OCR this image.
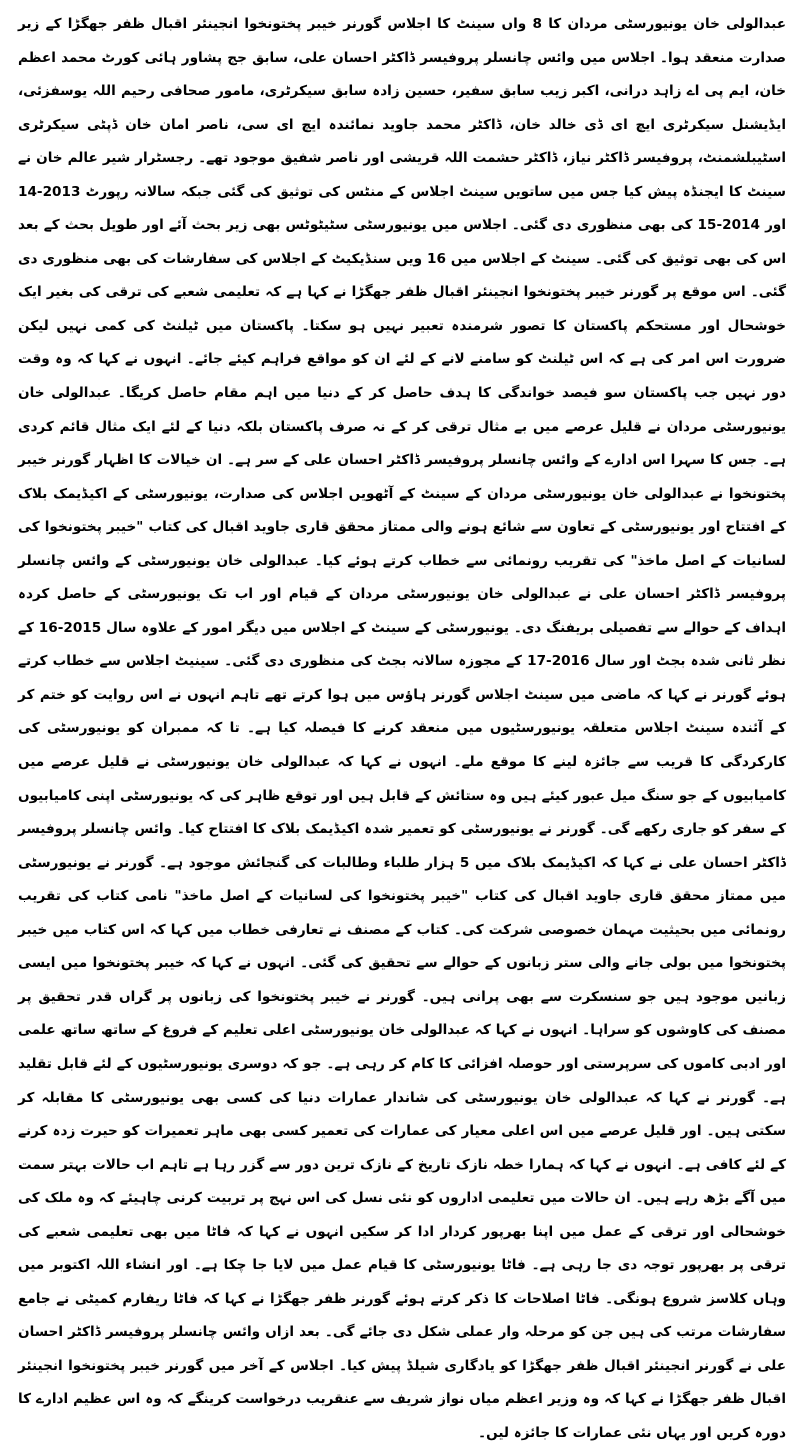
عبدالولی خان یونیورسٹی مردان کا 8 واں سینٹ کا اجلاس گورنر خیبر پختونخوا انجینئر اقبال ظفر جھگڑا کے زیر صدارت منعقد ہوا۔ اجلاس میں وائس چانسلر پروفیسر ڈاکٹر احسان علی، سابق جج پشاور ہائی کورٹ محمد اعظم خان، ایم پی اے زاہد درانی، اکبر زیب سابق سفیر، حسین زادہ سابق سیکرٹری، مامور صحافی رحیم اللہ یوسفزئی، ایڈیشنل سیکرٹری ایچ ای ڈی خالد خان، ڈاکٹر محمد جاوید نمائندہ ایچ ای سی، ناصر امان خان ڈپٹی سیکرٹری اسٹیبلشمنٹ، پروفیسر ڈاکٹر نیاز، ڈاکٹر حشمت اللہ قریشی اور ناصر شفیق موجود تھے۔ رجسٹرار شیر عالم خان نے سینٹ کا ایجنڈہ پیش کیا جس میں ساتویں سینٹ اجلاس کے منٹس کی توثیق کی گئی جبکہ سالانہ رپورٹ 2013-14 اور 2014-15 کی بھی منظوری دی گئی۔ اجلاس میں یونیورسٹی سٹیٹوٹس بھی زیر بحث آئے اور طویل بحث کے بعد اس کی بھی توثیق کی گئی۔ سینٹ کے اجلاس میں 16 ویں سنڈیکیٹ کے اجلاس کی سفارشات کی بھی منظوری دی گئی۔ اس موقع پر گورنر خیبر پختونخوا انجینئر اقبال ظفر جھگڑا نے کہا ہے کہ تعلیمی شعبے کی ترقی کی بغیر ایک خوشحال اور مستحکم پاکستان کا تصور شرمندہ تعبیر نہیں ہو سکتا۔ پاکستان میں ٹیلنٹ کی کمی نہیں لیکن ضرورت اس امر کی ہے کہ اس ٹیلنٹ کو سامنے لانے کے لئے ان کو مواقع فراہم کیئے جائے۔ انہوں نے کہا کہ وہ وقت دور نہیں جب پاکستان سو فیصد خواندگی کا ہدف حاصل کر کے دنیا میں اہم مقام حاصل کریگا۔ عبدالولی خان یونیورسٹی مردان نے قلیل عرصے میں بے مثال ترقی کر کے نہ صرف پاکستان بلکہ دنیا کے لئے ایک مثال قائم کردی ہے۔ جس کا سہرا اس ادارے کے وائس چانسلر پروفیسر ڈاکٹر احسان علی کے سر ہے۔ ان خیالات کا اظہار گورنر خیبر پختونخوا نے عبدالولی خان یونیورسٹی مردان کے سینٹ کے آٹھویں اجلاس کی صدارت، یونیورسٹی کے اکیڈیمک بلاک کے افتتاح اور یونیورسٹی کے تعاون سے شائع ہونے والی ممتاز محقق قاری جاوید اقبال کی کتاب "خیبر پختونخوا کی لسانیات کے اصل ماخذ" کی تقریب رونمائی سے خطاب کرتے ہوئے کیا۔ عبدالولی خان یونیورسٹی کے وائس چانسلر پروفیسر ڈاکٹر احسان علی نے عبدالولی خان یونیورسٹی مردان کے قیام اور اب تک یونیورسٹی کے حاصل کردہ اہداف کے حوالے سے تفصیلی بریفنگ دی۔ یونیورسٹی کے سینٹ کے اجلاس میں دیگر امور کے علاوہ سال 2015-16 کے نظر ثانی شدہ بجٹ اور سال 2016-17 کے مجوزہ سالانہ بجٹ کی منظوری دی گئی۔ سینیٹ اجلاس سے خطاب کرتے ہوئے گورنر نے کہا کہ ماضی میں سینٹ اجلاس گورنر ہاؤس میں ہوا کرتے تھے تاہم انہوں نے اس روایت کو ختم کر کے آئندہ سینٹ اجلاس متعلقہ یونیورسٹیوں میں منعقد کرنے کا فیصلہ کیا ہے۔ تا کہ ممبران کو یونیورسٹی کی کارکردگی کا قریب سے جائزہ لینے کا موقع ملے۔ انہوں نے کہا کہ عبدالولی خان یونیورسٹی نے قلیل عرصے میں کامیابیوں کے جو سنگ میل عبور کیئے ہیں وہ ستائش کے قابل ہیں اور توقع ظاہر کی کہ یونیورسٹی اپنی کامیابیوں کے سفر کو جاری رکھے گی۔ گورنر نے یونیورسٹی کو تعمیر شدہ اکیڈیمک بلاک کا افتتاح کیا۔ وائس چانسلر پروفیسر ڈاکٹر احسان علی نے کہا کہ اکیڈیمک بلاک میں 5 ہزار طلباء وطالبات کی گنجائش موجود ہے۔ گورنر نے یونیورسٹی میں ممتاز محقق قاری جاوید اقبال کی کتاب "خیبر پختونخوا کی لسانیات کے اصل ماخذ" نامی کتاب کی تقریب رونمائی میں بحیثیت مہمان خصوصی شرکت کی۔ کتاب کے مصنف نے تعارفی خطاب میں کہا کہ اس کتاب میں خیبر پختونخوا میں بولی جانے والی ستر زبانوں کے حوالے سے تحقیق کی گئی۔ انہوں نے کہا کہ خیبر پختونخوا میں ایسی زبانیں موجود ہیں جو سنسکرت سے بھی پرانی ہیں۔ گورنر نے خیبر پختونخوا کی زبانوں پر گراں قدر تحقیق پر مصنف کی کاوشوں کو سراہا۔ انہوں نے کہا کہ عبدالولی خان یونیورسٹی اعلی تعلیم کے فروغ کے ساتھ ساتھ علمی اور ادبی کاموں کی سرپرستی اور حوصلہ افزائی کا کام کر رہی ہے۔ جو کہ دوسری یونیورسٹیوں کے لئے قابل تقلید ہے۔ گورنر نے کہا کہ عبدالولی خان یونیورسٹی کی شاندار عمارات دنیا کی کسی بھی یونیورسٹی کا مقابلہ کر سکتی ہیں۔ اور قلیل عرصے میں اس اعلی معیار کی عمارات کی تعمیر کسی بھی ماہر تعمیرات کو حیرت زدہ کرنے کے لئے کافی ہے۔ انہوں نے کہا کہ ہمارا خطہ نازک تاریخ کے نازک ترین دور سے گزر رہا ہے تاہم اب حالات بہتر سمت میں آگے بڑھ رہے ہیں۔ ان حالات میں تعلیمی اداروں کو نئی نسل کی اس نہج پر تربیت کرنی چاہیئے کہ وہ ملک کی خوشحالی اور ترقی کے عمل میں اپنا بھرپور کردار ادا کر سکیں انہوں نے کہا کہ فاٹا میں بھی تعلیمی شعبے کی ترقی پر بھرپور توجہ دی جا رہی ہے۔ فاٹا یونیورسٹی کا قیام عمل میں لایا جا چکا ہے۔ اور انشاء اللہ اکتوبر میں وہاں کلاسز شروع ہونگی۔ فاٹا اصلاحات کا ذکر کرتے ہوئے گورنر ظفر جھگڑا نے کہا کہ فاٹا ریفارم کمیٹی نے جامع سفارشات مرتب کی ہیں جن کو مرحلہ وار عملی شکل دی جائے گی۔ بعد ازاں وائس چانسلر پروفیسر ڈاکٹر احسان علی نے گورنر انجینئر اقبال ظفر جھگڑا کو یادگاری شیلڈ پیش کیا۔ اجلاس کے آخر میں گورنر خیبر پختونخوا انجینئر اقبال ظفر جھگڑا نے کہا کہ وہ وزیر اعظم میاں نواز شریف سے عنقریب درخواست کرینگے کہ وہ اس عظیم ادارے کا دورہ کریں اور یہاں نئی عمارات کا جائزہ لیں۔
